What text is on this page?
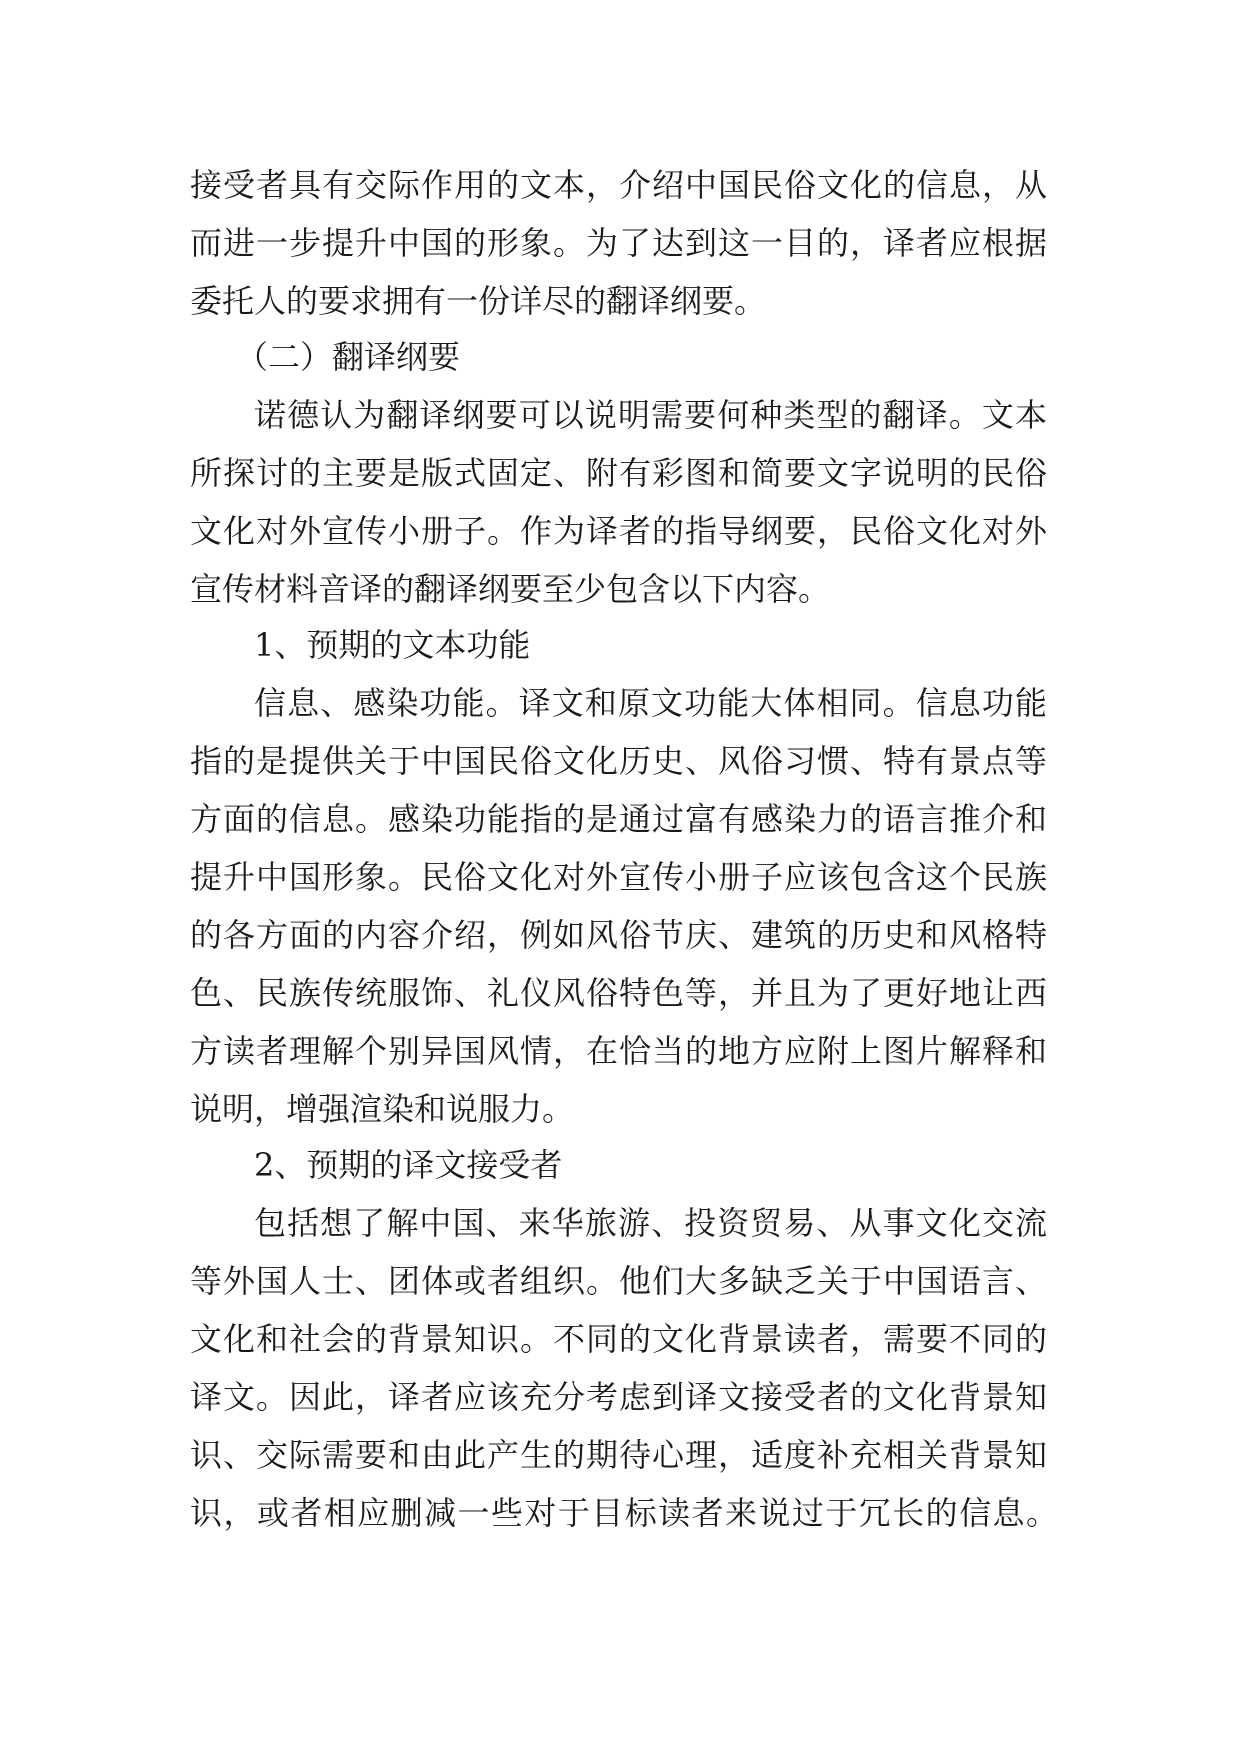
接受者具有交际作用的文本，介绍中国民俗文化的信息，从

而进一步提升中国的形象。为了达到这一目的，译者应根据

委托人的要求拥有一份详尽的翻译纲要。

（二）翻译纲要

诺德认为翻译纲要可以说明需要何种类型的翻译。文本

所探讨的主要是版式固定、附有彩图和简要文字说明的民俗

文化对外宣传小册子。作为译者的指导纲要，民俗文化对外

宣传材料音译的翻译纲要至少包含以下内容。

1、预期的文本功能

信息、感染功能。译文和原文功能大体相同。信息功能

指的是提供关于中国民俗文化历史、风俗习惯、特有景点等

方面的信息。感染功能指的是通过富有感染力的语言推介和

提升中国形象。民俗文化对外宣传小册子应该包含这个民族

的各方面的内容介绍，例如风俗节庆、建筑的历史和风格特

色、民族传统服饰、礼仪风俗特色等，并且为了更好地让西

方读者理解个别异国风情，在恰当的地方应附上图片解释和

说明，增强渲染和说服力。

2、预期的译文接受者

包括想了解中国、来华旅游、投资贸易、从事文化交流

等外国人士、团体或者组织。他们大多缺乏关于中国语言、

文化和社会的背景知识。不同的文化背景读者，需要不同的

译文。因此，译者应该充分考虑到译文接受者的文化背景知

识、交际需要和由此产生的期待心理，适度补充相关背景知

识，或者相应删减一些对于目标读者来说过于冗长的信息。
